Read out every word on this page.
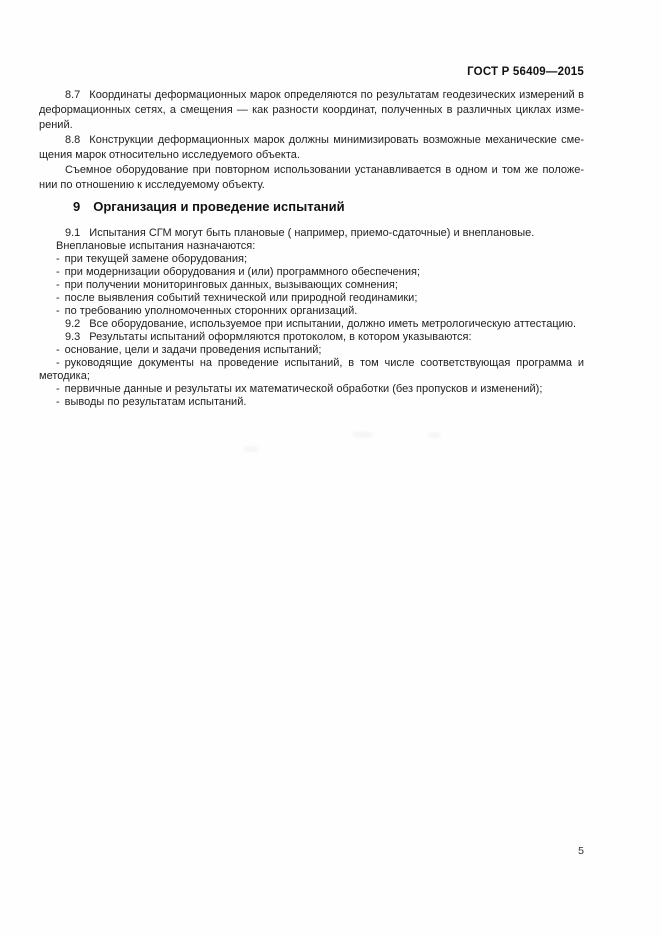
ГОСТ Р 56409—2015

8.7 Координаты деформационных марок определяются по результатам геодезических измерений в деформационных сетях, а смещения — как разности координат, полученных в различных циклах измерений.

8.8 Конструкции деформационных марок должны минимизировать возможные механические смещения марок относительно исследуемого объекта.

Съемное оборудование при повторном использовании устанавливается в одном и том же положении по отношению к исследуемому объекту.

9 Организация и проведение испытаний

9.1 Испытания СГМ могут быть плановые ( например, приемо-сдаточные) и внеплановые.

Внеплановые испытания назначаются:

- при текущей замене оборудования;

- при модернизации оборудования и (или) программного обеспечения;

- при получении мониторинговых данных, вызывающих сомнения;

- после выявления событий технической или природной геодинамики;

- по требованию уполномоченных сторонних организаций.

9.2 Все оборудование, используемое при испытании, должно иметь метрологическую аттестацию.

9.3 Результаты испытаний оформляются протоколом, в котором указываются:

- основание, цели и задачи проведения испытаний;

- руководящие документы на проведение испытаний, в том числе соответствующая программа и методика;

- первичные данные и результаты их математической обработки (без пропусков и изменений);

- выводы по результатам испытаний.

5
